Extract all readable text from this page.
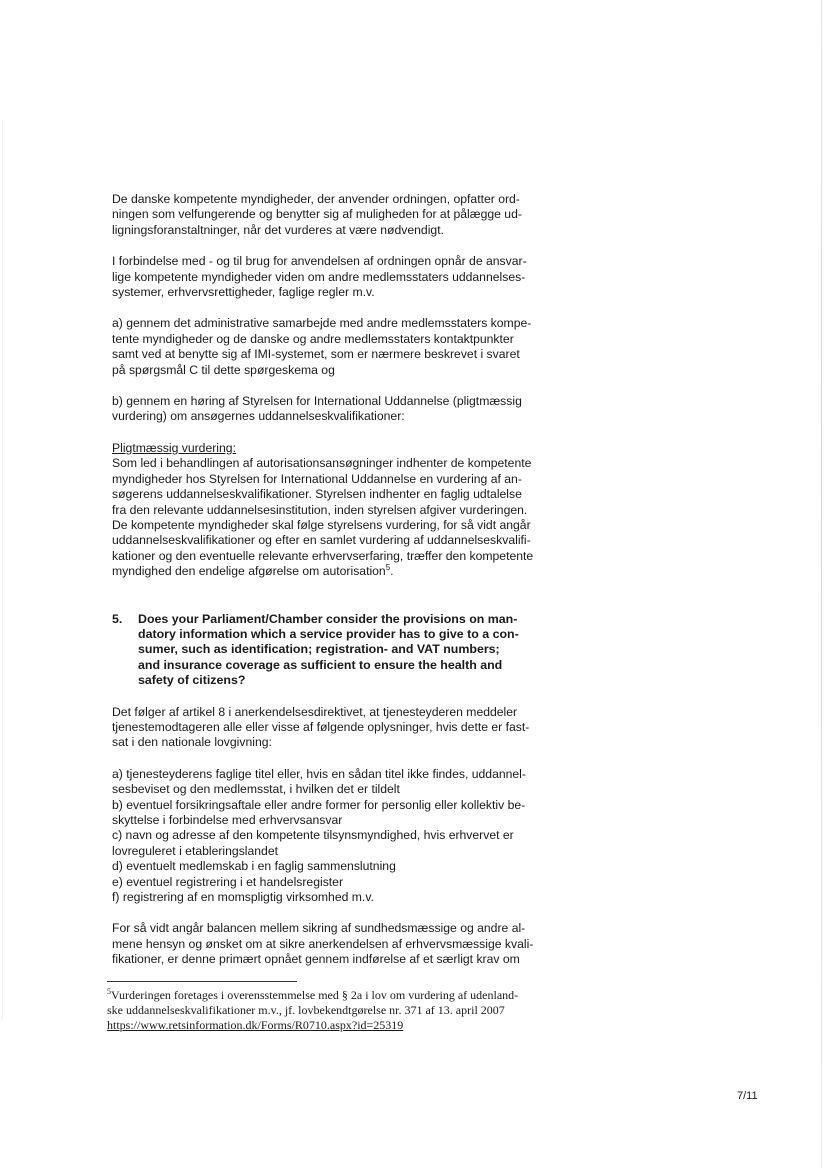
De danske kompetente myndigheder, der anvender ordningen, opfatter ord-
ningen som velfungerende og benytter sig af muligheden for at pålægge ud-
ligningsforanstaltninger, når det vurderes at være nødvendigt.
I forbindelse med - og til brug for anvendelsen af ordningen opnår de ansvar-
lige kompetente myndigheder viden om andre medlemsstaters uddannelses-
systemer, erhvervsrettigheder, faglige regler m.v.
a) gennem det administrative samarbejde med andre medlemsstaters kompe-
tente myndigheder og de danske og andre medlemsstaters kontaktpunkter
samt ved at benytte sig af IMI-systemet, som er nærmere beskrevet i svaret
på spørgsmål C til dette spørgeskema og
b) gennem en høring af Styrelsen for International Uddannelse (pligtmæssig
vurdering) om ansøgernes uddannelseskvalifikationer:
Pligtmæssig vurdering:
Som led i behandlingen af autorisationsansøgninger indhenter de kompetente
myndigheder hos Styrelsen for International Uddannelse en vurdering af an-
søgerens uddannelseskvalifikationer. Styrelsen indhenter en faglig udtalelse
fra den relevante uddannelsesinstitution, inden styrelsen afgiver vurderingen.
De kompetente myndigheder skal følge styrelsens vurdering, for så vidt angår
uddannelseskvalifikationer og efter en samlet vurdering af uddannelseskvalifi-
kationer og den eventuelle relevante erhvervserfaring, træffer den kompetente
myndighed den endelige afgørelse om autorisation$^5$.
5.	Does your Parliament/Chamber consider the provisions on man-
datory information which a service provider has to give to a con-
sumer, such as identification; registration- and VAT numbers;
and insurance coverage as sufficient to ensure the health and
safety of citizens?
Det følger af artikel 8 i anerkendelsesdirektivet, at tjenesteyderen meddeler
tjenestemodtageren alle eller visse af følgende oplysninger, hvis dette er fast-
sat i den nationale lovgivning:
a) tjenesteyderens faglige titel eller, hvis en sådan titel ikke findes, uddannel-
sesbeviset og den medlemsstat, i hvilken det er tildelt
b) eventuel forsikringsaftale eller andre former for personlig eller kollektiv be-
skyttelse i forbindelse med erhvervsansvar
c) navn og adresse af den kompetente tilsynsmyndighed, hvis erhvervet er
lovreguleret i etableringslandet
d) eventuelt medlemskab i en faglig sammenslutning
e) eventuel registrering i et handelsregister
f) registrering af en momspligtig virksomhed m.v.
For så vidt angår balancen mellem sikring af sundhedsmæssige og andre al-
mene hensyn og ønsket om at sikre anerkendelsen af erhvervsmæssige kvali-
fikationer, er denne primært opnået gennem indførelse af et særligt krav om
$^5$Vurderingen foretages i overensstemmelse med § 2a i lov om vurdering af udenland-
ske uddannelseskvalifikationer m.v., jf. lovbekendtgørelse nr. 371 af 13. april 2007
https://www.retsinformation.dk/Forms/R0710.aspx?id=25319
7/11
